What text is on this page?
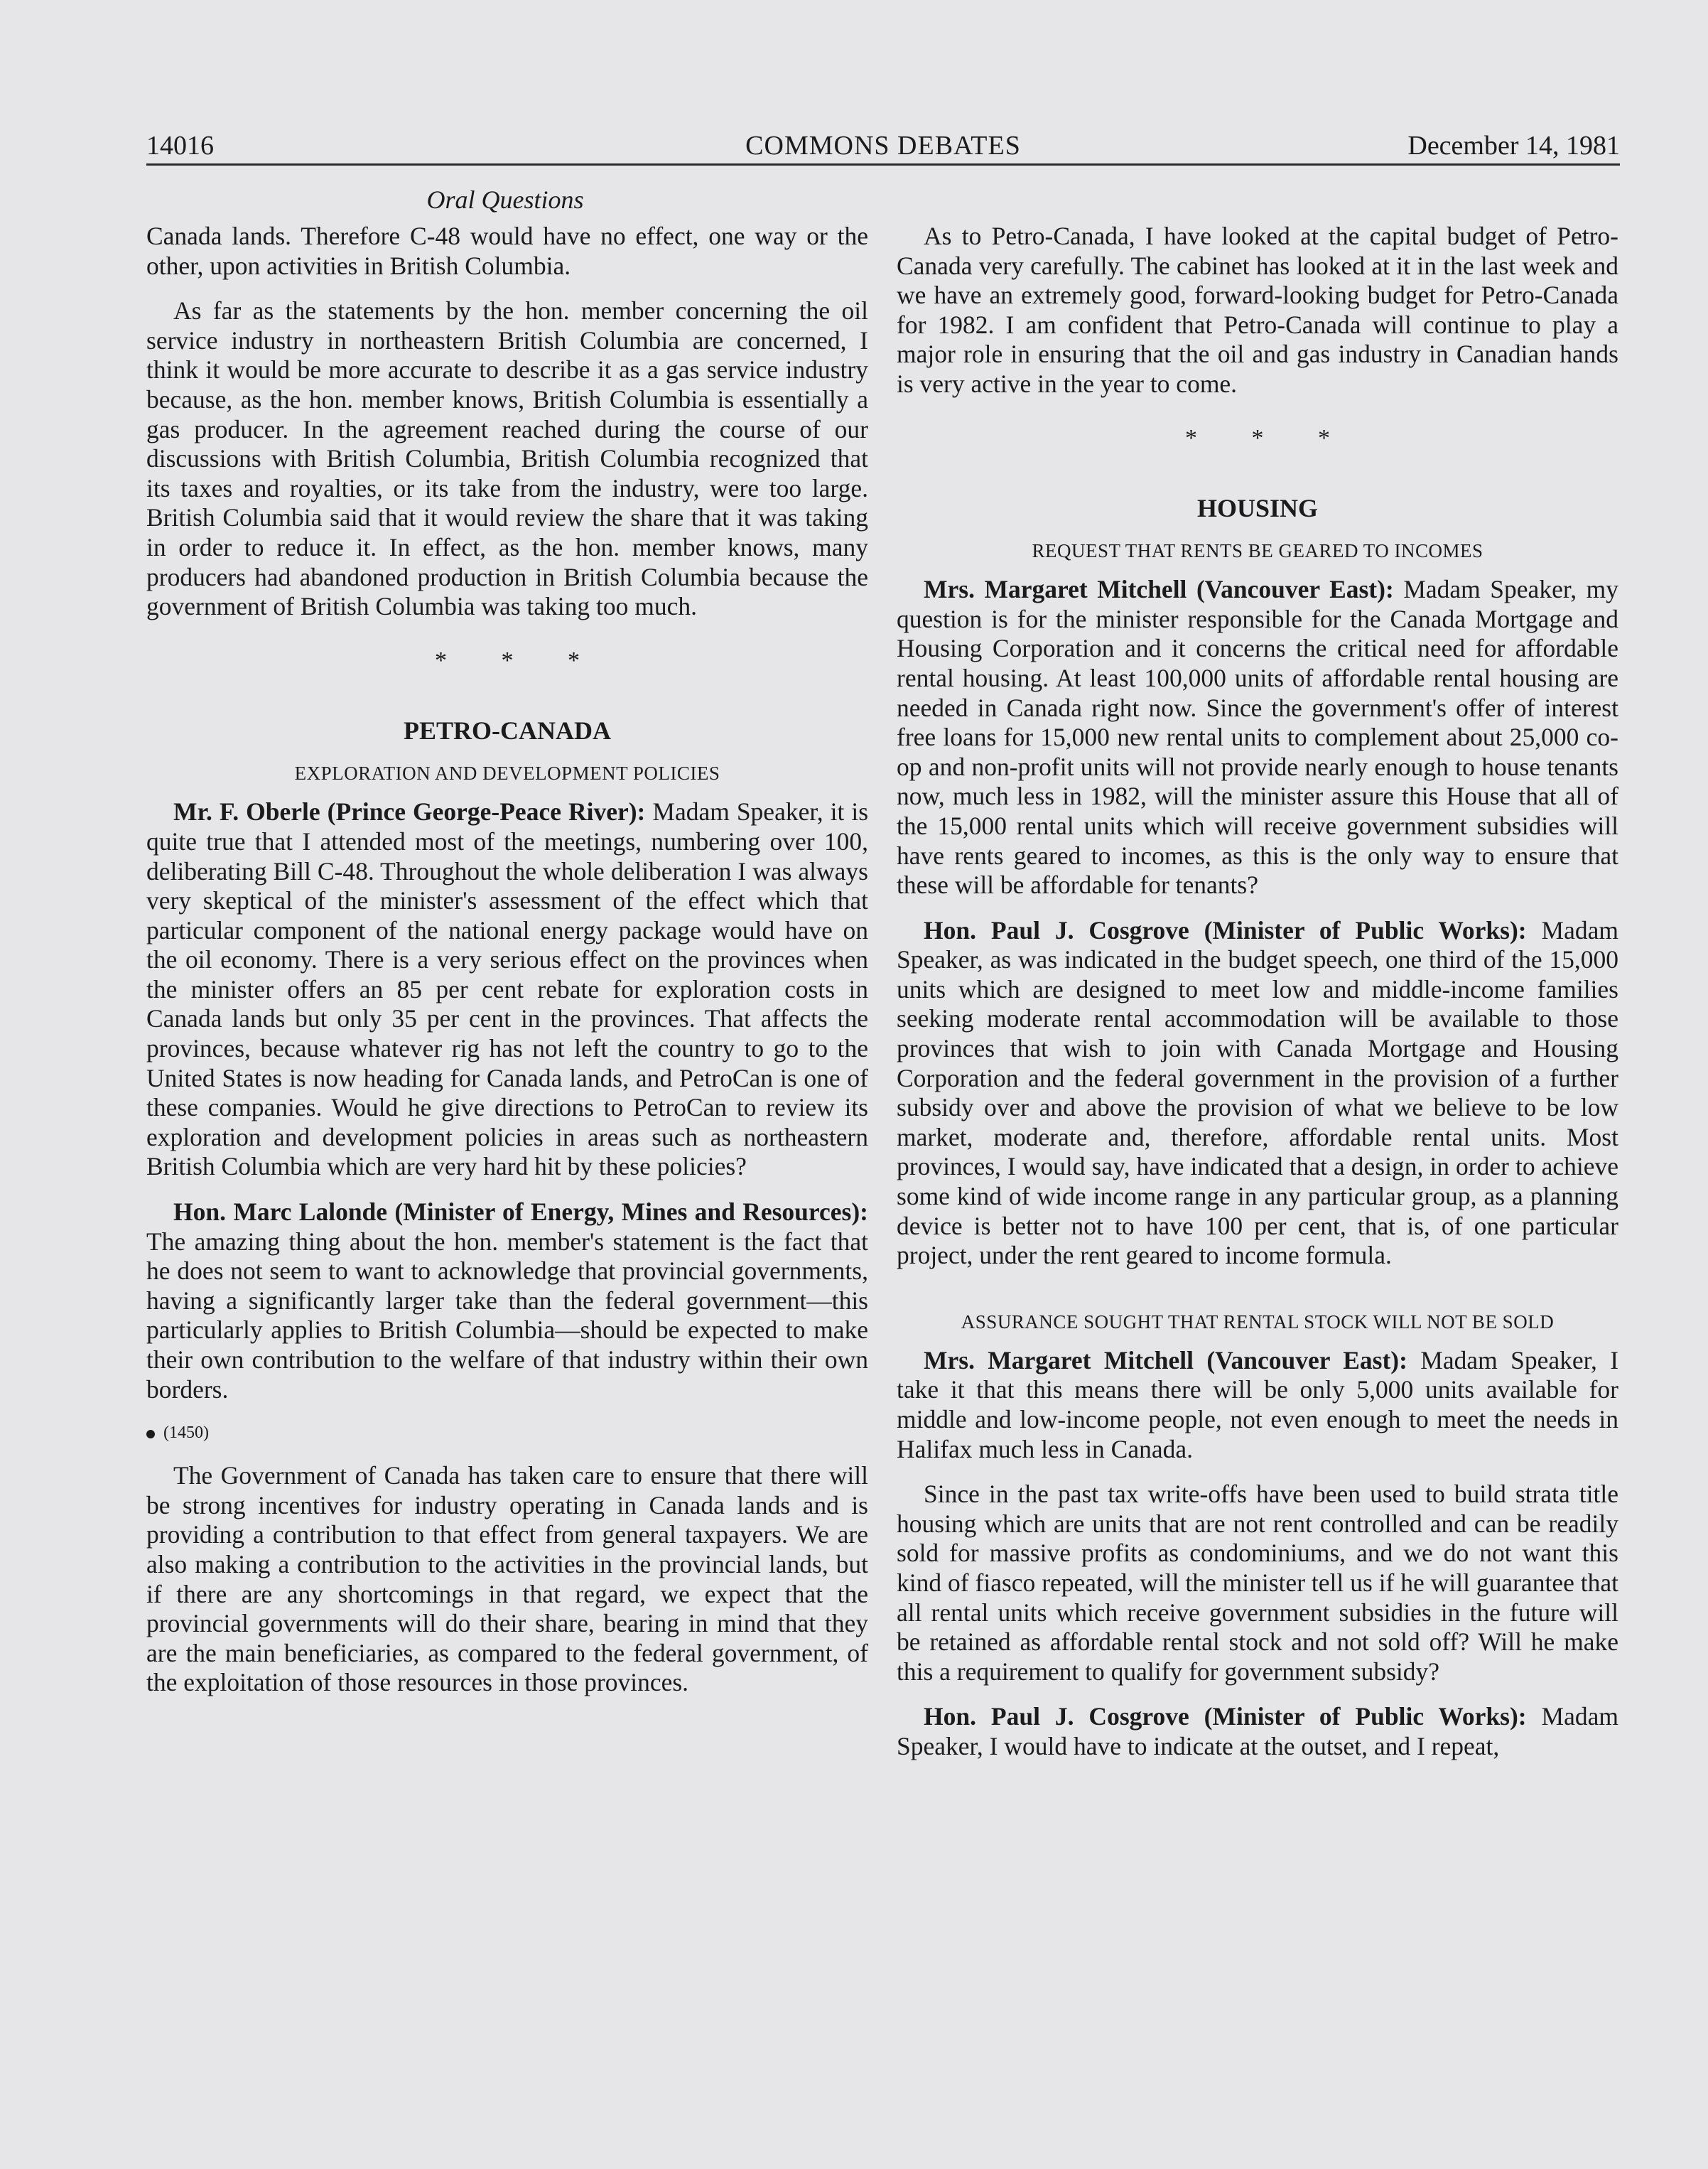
14016	COMMONS DEBATES	December 14, 1981
Oral Questions

Canada lands. Therefore C-48 would have no effect, one way or the other, upon activities in British Columbia.

As far as the statements by the hon. member concerning the oil service industry in northeastern British Columbia are concerned, I think it would be more accurate to describe it as a gas service industry because, as the hon. member knows, British Columbia is essentially a gas producer. In the agreement reached during the course of our discussions with British Columbia, British Columbia recognized that its taxes and royalties, or its take from the industry, were too large. British Columbia said that it would review the share that it was taking in order to reduce it. In effect, as the hon. member knows, many producers had abandoned production in British Columbia because the government of British Columbia was taking too much.

* * *
PETRO-CANADA
EXPLORATION AND DEVELOPMENT POLICIES

Mr. F. Oberle (Prince George-Peace River): Madam Speaker, it is quite true that I attended most of the meetings, numbering over 100, deliberating Bill C-48. Throughout the whole deliberation I was always very skeptical of the minister's assessment of the effect which that particular component of the national energy package would have on the oil economy. There is a very serious effect on the provinces when the minister offers an 85 per cent rebate for exploration costs in Canada lands but only 35 per cent in the provinces. That affects the provinces, because whatever rig has not left the country to go to the United States is now heading for Canada lands, and PetroCan is one of these companies. Would he give directions to PetroCan to review its exploration and development policies in areas such as northeastern British Columbia which are very hard hit by these policies?

Hon. Marc Lalonde (Minister of Energy, Mines and Resources): The amazing thing about the hon. member's statement is the fact that he does not seem to want to acknowledge that provincial governments, having a significantly larger take than the federal government—this particularly applies to British Columbia—should be expected to make their own contribution to the welfare of that industry within their own borders.

(1450)

The Government of Canada has taken care to ensure that there will be strong incentives for industry operating in Canada lands and is providing a contribution to that effect from general taxpayers. We are also making a contribution to the activities in the provincial lands, but if there are any shortcomings in that regard, we expect that the provincial governments will do their share, bearing in mind that they are the main beneficiaries, as compared to the federal government, of the exploitation of those resources in those provinces.

As to Petro-Canada, I have looked at the capital budget of Petro-Canada very carefully. The cabinet has looked at it in the last week and we have an extremely good, forward-looking budget for Petro-Canada for 1982. I am confident that Petro-Canada will continue to play a major role in ensuring that the oil and gas industry in Canadian hands is very active in the year to come.

* * *
HOUSING
REQUEST THAT RENTS BE GEARED TO INCOMES

Mrs. Margaret Mitchell (Vancouver East): Madam Speaker, my question is for the minister responsible for the Canada Mortgage and Housing Corporation and it concerns the critical need for affordable rental housing. At least 100,000 units of affordable rental housing are needed in Canada right now. Since the government's offer of interest free loans for 15,000 new rental units to complement about 25,000 co-op and non-profit units will not provide nearly enough to house tenants now, much less in 1982, will the minister assure this House that all of the 15,000 rental units which will receive government subsidies will have rents geared to incomes, as this is the only way to ensure that these will be affordable for tenants?

Hon. Paul J. Cosgrove (Minister of Public Works): Madam Speaker, as was indicated in the budget speech, one third of the 15,000 units which are designed to meet low and middle-income families seeking moderate rental accommodation will be available to those provinces that wish to join with Canada Mortgage and Housing Corporation and the federal government in the provision of a further subsidy over and above the provision of what we believe to be low market, moderate and, therefore, affordable rental units. Most provinces, I would say, have indicated that a design, in order to achieve some kind of wide income range in any particular group, as a planning device is better not to have 100 per cent, that is, of one particular project, under the rent geared to income formula.

ASSURANCE SOUGHT THAT RENTAL STOCK WILL NOT BE SOLD

Mrs. Margaret Mitchell (Vancouver East): Madam Speaker, I take it that this means there will be only 5,000 units available for middle and low-income people, not even enough to meet the needs in Halifax much less in Canada.

Since in the past tax write-offs have been used to build strata title housing which are units that are not rent controlled and can be readily sold for massive profits as condominiums, and we do not want this kind of fiasco repeated, will the minister tell us if he will guarantee that all rental units which receive government subsidies in the future will be retained as affordable rental stock and not sold off? Will he make this a requirement to qualify for government subsidy?

Hon. Paul J. Cosgrove (Minister of Public Works): Madam Speaker, I would have to indicate at the outset, and I repeat,
